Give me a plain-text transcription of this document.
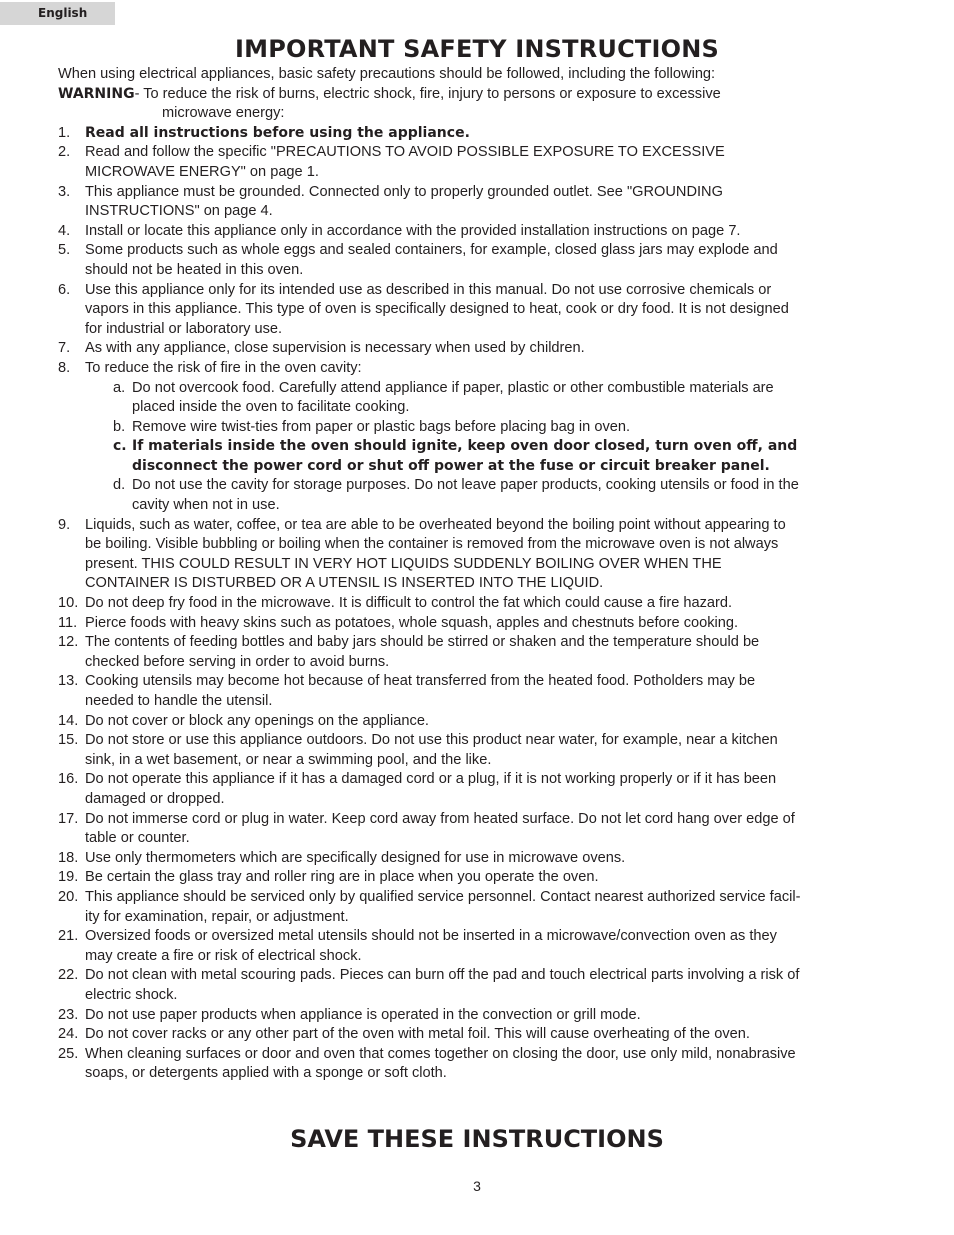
English
IMPORTANT SAFETY INSTRUCTIONS
When using electrical appliances, basic safety precautions should be followed, including the following:
WARNING - To reduce the risk of burns, electric shock, fire, injury to persons or exposure to excessive
microwave energy:
1.	Read all instructions before using the appliance.
2.	Read and follow the specific "PRECAUTIONS TO AVOID POSSIBLE EXPOSURE TO EXCESSIVE
MICROWAVE ENERGY" on page 1.
3.	This appliance must be grounded. Connected only to properly grounded outlet. See "GROUNDING
INSTRUCTIONS" on page 4.
4.	Install or locate this appliance only in accordance with the provided installation instructions on page 7.
5.	Some products such as whole eggs and sealed containers, for example, closed glass jars may explode and
should not be heated in this oven.
6.	Use this appliance only for its intended use as described in this manual. Do not use corrosive chemicals or
vapors in this appliance. This type of oven is specifically designed to heat, cook or dry food. It is not designed
for industrial or laboratory use.
7.	As with any appliance, close supervision is necessary when used by children.
8.	To reduce the risk of fire in the oven cavity:
a. Do not overcook food. Carefully attend appliance if paper, plastic or other combustible materials are
placed inside the oven to facilitate cooking.
b. Remove wire twist-ties from paper or plastic bags before placing bag in oven.
c. If materials inside the oven should ignite, keep oven door closed, turn oven off, and
disconnect the power cord or shut off power at the fuse or circuit breaker panel.
d. Do not use the cavity for storage purposes. Do not leave paper products, cooking utensils or food in the
cavity when not in use.
9.	Liquids, such as water, coffee, or tea are able to be overheated beyond the boiling point without appearing to
be boiling. Visible bubbling or boiling when the container is removed from the microwave oven is not always
present. THIS COULD RESULT IN VERY HOT LIQUIDS SUDDENLY BOILING OVER WHEN THE
CONTAINER IS DISTURBED OR A UTENSIL IS INSERTED INTO THE LIQUID.
10. Do not deep fry food in the microwave. It is difficult to control the fat which could cause a fire hazard.
11. Pierce foods with heavy skins such as potatoes, whole squash, apples and chestnuts before cooking.
12. The contents of feeding bottles and baby jars should be stirred or shaken and the temperature should be
checked before serving in order to avoid burns.
13. Cooking utensils may become hot because of heat transferred from the heated food. Potholders may be
needed to handle the utensil.
14. Do not cover or block any openings on the appliance.
15. Do not store or use this appliance outdoors. Do not use this product near water, for example, near a kitchen
sink, in a wet basement, or near a swimming pool, and the like.
16. Do not operate this appliance if it has a damaged cord or a plug, if it is not working properly or if it has been
damaged or dropped.
17. Do not immerse cord or plug in water. Keep cord away from heated surface. Do not let cord hang over edge of
table or counter.
18. Use only thermometers which are specifically designed for use in microwave ovens.
19. Be certain the glass tray and roller ring are in place when you operate the oven.
20. This appliance should be serviced only by qualified service personnel. Contact nearest authorized service facil-
ity for examination, repair, or adjustment.
21. Oversized foods or oversized metal utensils should not be inserted in a microwave/convection oven as they
may create a fire or risk of electrical shock.
22. Do not clean with metal scouring pads. Pieces can burn off the pad and touch electrical parts involving a risk of
electric shock.
23. Do not use paper products when appliance is operated in the convection or grill mode.
24. Do not cover racks or any other part of the oven with metal foil. This will cause overheating of the oven.
25. When cleaning surfaces or door and oven that comes together on closing the door, use only mild, nonabrasive
soaps, or detergents applied with a sponge or soft cloth.
SAVE THESE INSTRUCTIONS
3
